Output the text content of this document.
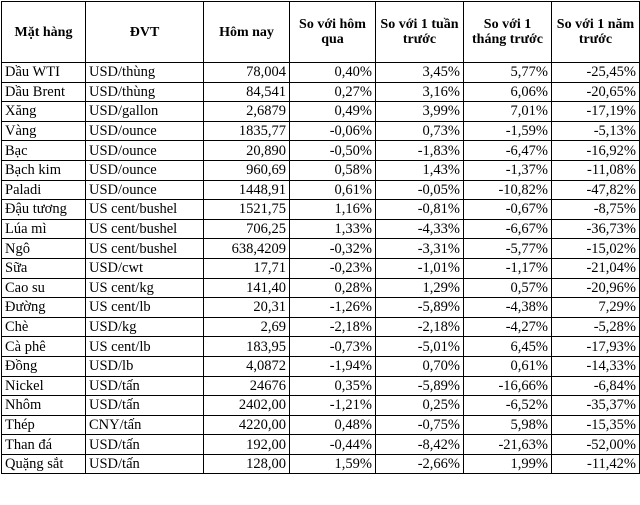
Mặt hàng	ĐVT	Hôm nay	So với hôm qua	So với 1 tuần trước	So với 1 tháng trước	So với 1 năm trước
Dầu WTI	USD/thùng	78,004	0,40%	3,45%	5,77%	-25,45%
Dầu Brent	USD/thùng	84,541	0,27%	3,16%	6,06%	-20,65%
Xăng	USD/gallon	2,6879	0,49%	3,99%	7,01%	-17,19%
Vàng	USD/ounce	1835,77	-0,06%	0,73%	-1,59%	-5,13%
Bạc	USD/ounce	20,890	-0,50%	-1,83%	-6,47%	-16,92%
Bạch kim	USD/ounce	960,69	0,58%	1,43%	-1,37%	-11,08%
Paladi	USD/ounce	1448,91	0,61%	-0,05%	-10,82%	-47,82%
Đậu tương	US cent/bushel	1521,75	1,16%	-0,81%	-0,67%	-8,75%
Lúa mì	US cent/bushel	706,25	1,33%	-4,33%	-6,67%	-36,73%
Ngô	US cent/bushel	638,4209	-0,32%	-3,31%	-5,77%	-15,02%
Sữa	USD/cwt	17,71	-0,23%	-1,01%	-1,17%	-21,04%
Cao su	US cent/kg	141,40	0,28%	1,29%	0,57%	-20,96%
Đường	US cent/lb	20,31	-1,26%	-5,89%	-4,38%	7,29%
Chè	USD/kg	2,69	-2,18%	-2,18%	-4,27%	-5,28%
Cà phê	US cent/lb	183,95	-0,73%	-5,01%	6,45%	-17,93%
Đồng	USD/lb	4,0872	-1,94%	0,70%	0,61%	-14,33%
Nickel	USD/tấn	24676	0,35%	-5,89%	-16,66%	-6,84%
Nhôm	USD/tấn	2402,00	-1,21%	0,25%	-6,52%	-35,37%
Thép	CNY/tấn	4220,00	0,48%	-0,75%	5,98%	-15,35%
Than đá	USD/tấn	192,00	-0,44%	-8,42%	-21,63%	-52,00%
Quặng sắt	USD/tấn	128,00	1,59%	-2,66%	1,99%	-11,42%
